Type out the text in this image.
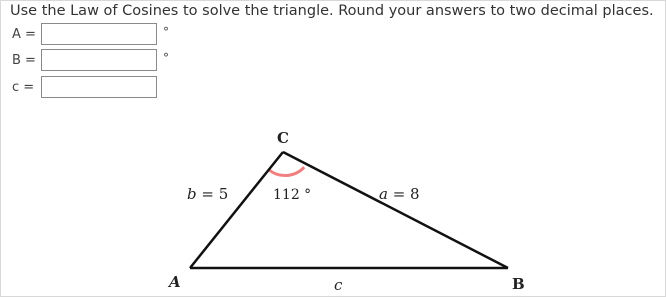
Use the Law of Cosines to solve the triangle. Round your answers to two decimal places.
A =	°
B =	°
c =
C
A	B
b = 5	a = 8
c
112 °
